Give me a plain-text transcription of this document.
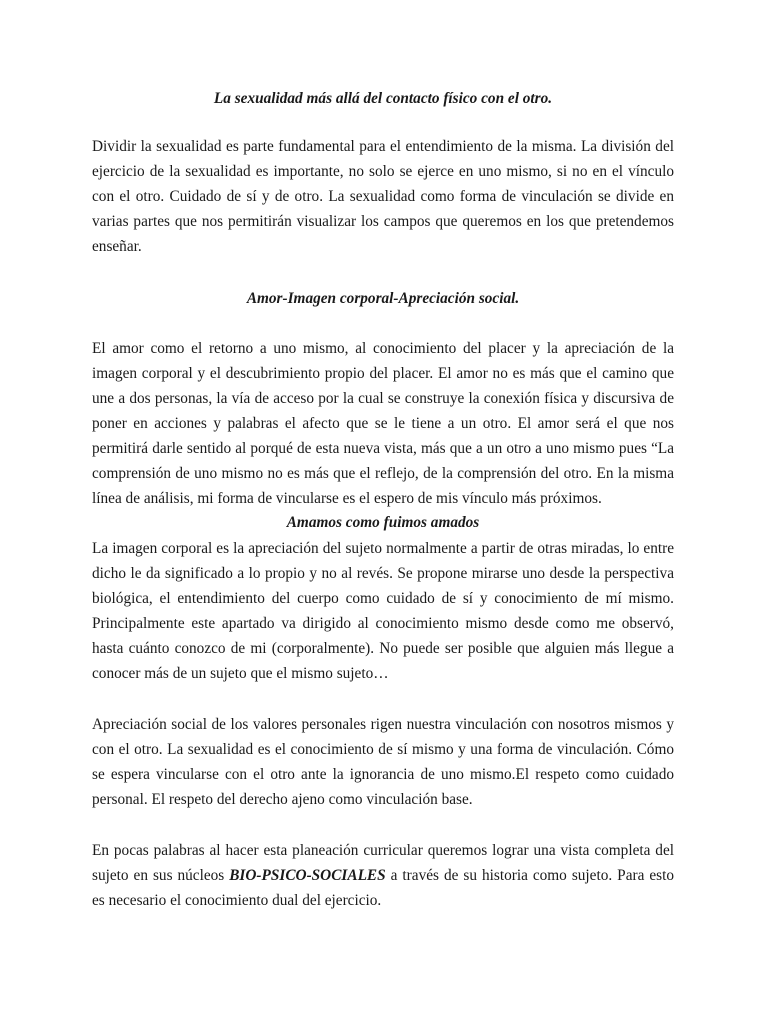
La sexualidad más allá del contacto físico con el otro.

Dividir la sexualidad es parte fundamental para el entendimiento de la misma. La división del ejercicio de la sexualidad es importante, no solo se ejerce en uno mismo, si no en el vínculo con el otro. Cuidado de sí y de otro. La sexualidad como forma de vinculación se divide en varias partes que nos permitirán visualizar los campos que queremos en los que pretendemos enseñar.

Amor-Imagen corporal-Apreciación social.

El amor como el retorno a uno mismo, al conocimiento del placer y la apreciación de la imagen corporal y el descubrimiento propio del placer. El amor no es más que el camino que une a dos personas, la vía de acceso por la cual se construye la conexión física y discursiva de poner en acciones y palabras el afecto que se le tiene a un otro. El amor será el que nos permitirá darle sentido al porqué de esta nueva vista, más que a un otro a uno mismo pues “La comprensión de uno mismo no es más que el reflejo, de la comprensión del otro. En la misma línea de análisis, mi forma de vincularse es el espero de mis vínculo más próximos.

Amamos como fuimos amados

La imagen corporal es la apreciación del sujeto normalmente a partir de otras miradas, lo entre dicho le da significado a lo propio y no al revés. Se propone mirarse uno desde la perspectiva biológica, el entendimiento del cuerpo como cuidado de sí y conocimiento de mí mismo. Principalmente este apartado va dirigido al conocimiento mismo desde como me observó, hasta cuánto conozco de mi (corporalmente). No puede ser posible que alguien más llegue a conocer más de un sujeto que el mismo sujeto…

Apreciación social de los valores personales rigen nuestra vinculación con nosotros mismos y con el otro. La sexualidad es el conocimiento de sí mismo y una forma de vinculación. Cómo se espera vincularse con el otro ante la ignorancia de uno mismo.El respeto como cuidado personal. El respeto del derecho ajeno como vinculación base.

En pocas palabras al hacer esta planeación curricular queremos lograr una vista completa del sujeto en sus núcleos BIO-PSICO-SOCIALES a través de su historia como sujeto. Para esto es necesario el conocimiento dual del ejercicio.
